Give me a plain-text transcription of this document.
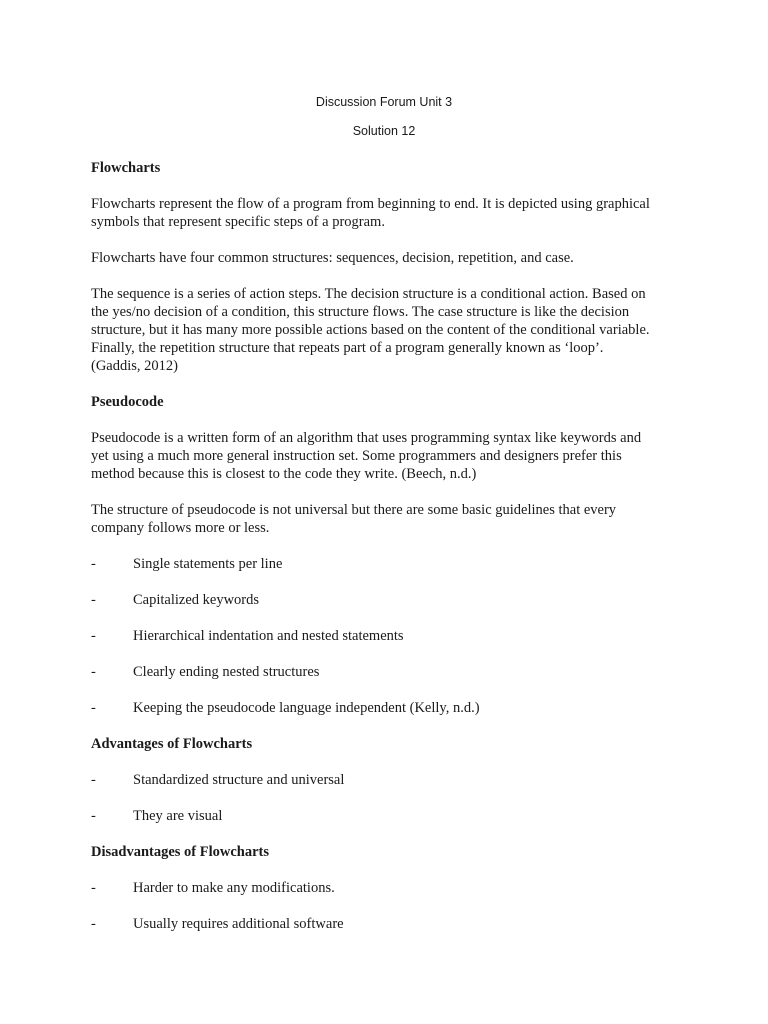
Discussion Forum Unit 3
Solution 12
Flowcharts
Flowcharts represent the flow of a program from beginning to end. It is depicted using graphical
symbols that represent specific steps of a program.
Flowcharts have four common structures: sequences, decision, repetition, and case.
The sequence is a series of action steps. The decision structure is a conditional action. Based on
the yes/no decision of a condition, this structure flows. The case structure is like the decision
structure, but it has many more possible actions based on the content of the conditional variable.
Finally, the repetition structure that repeats part of a program generally known as ‘loop’.
(Gaddis, 2012)
Pseudocode
Pseudocode is a written form of an algorithm that uses programming syntax like keywords and
yet using a much more general instruction set. Some programmers and designers prefer this
method because this is closest to the code they write. (Beech, n.d.)
The structure of pseudocode is not universal but there are some basic guidelines that every
company follows more or less.
-	Single statements per line
-	Capitalized keywords
-	Hierarchical indentation and nested statements
-	Clearly ending nested structures
-	Keeping the pseudocode language independent (Kelly, n.d.)
Advantages of Flowcharts
-	Standardized structure and universal
-	They are visual
Disadvantages of Flowcharts
-	Harder to make any modifications.
-	Usually requires additional software
